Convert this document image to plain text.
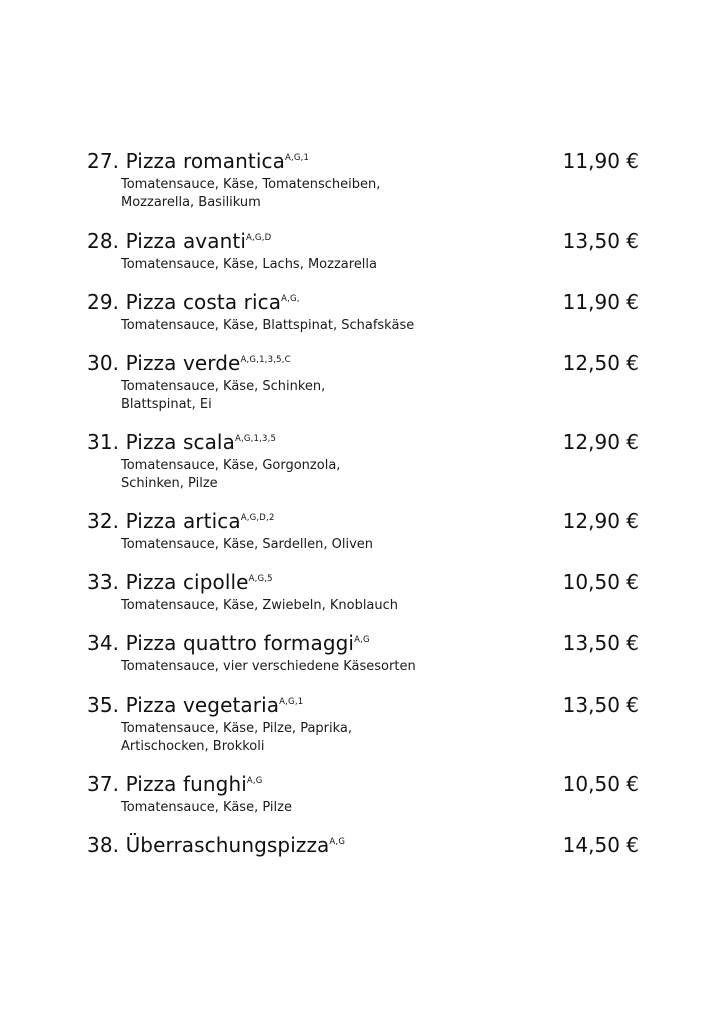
27. Pizza romantica$^{A,G,1}$	11,90 €
Tomatensauce, Käse, Tomatenscheiben,
Mozzarella, Basilikum
28. Pizza avanti$^{A,G,D}$	13,50 €
Tomatensauce, Käse, Lachs, Mozzarella
29. Pizza costa rica$^{A,G,}$	11,90 €
Tomatensauce, Käse, Blattspinat, Schafskäse
30. Pizza verde$^{A,G,1,3,5,C}$	12,50 €
Tomatensauce, Käse, Schinken,
Blattspinat, Ei
31. Pizza scala$^{A,G,1,3,5}$	12,90 €
Tomatensauce, Käse, Gorgonzola,
Schinken, Pilze
32. Pizza artica$^{A,G,D,2}$	12,90 €
Tomatensauce, Käse, Sardellen, Oliven
33. Pizza cipolle$^{A,G,5}$	10,50 €
Tomatensauce, Käse, Zwiebeln, Knoblauch
34. Pizza quattro formaggi$^{A,G}$	13,50 €
Tomatensauce, vier verschiedene Käsesorten
35. Pizza vegetaria$^{A,G,1}$	13,50 €
Tomatensauce, Käse, Pilze, Paprika,
Artischocken, Brokkoli
37. Pizza funghi$^{A,G}$	10,50 €
Tomatensauce, Käse, Pilze
38. Überraschungspizza$^{A,G}$	14,50 €
